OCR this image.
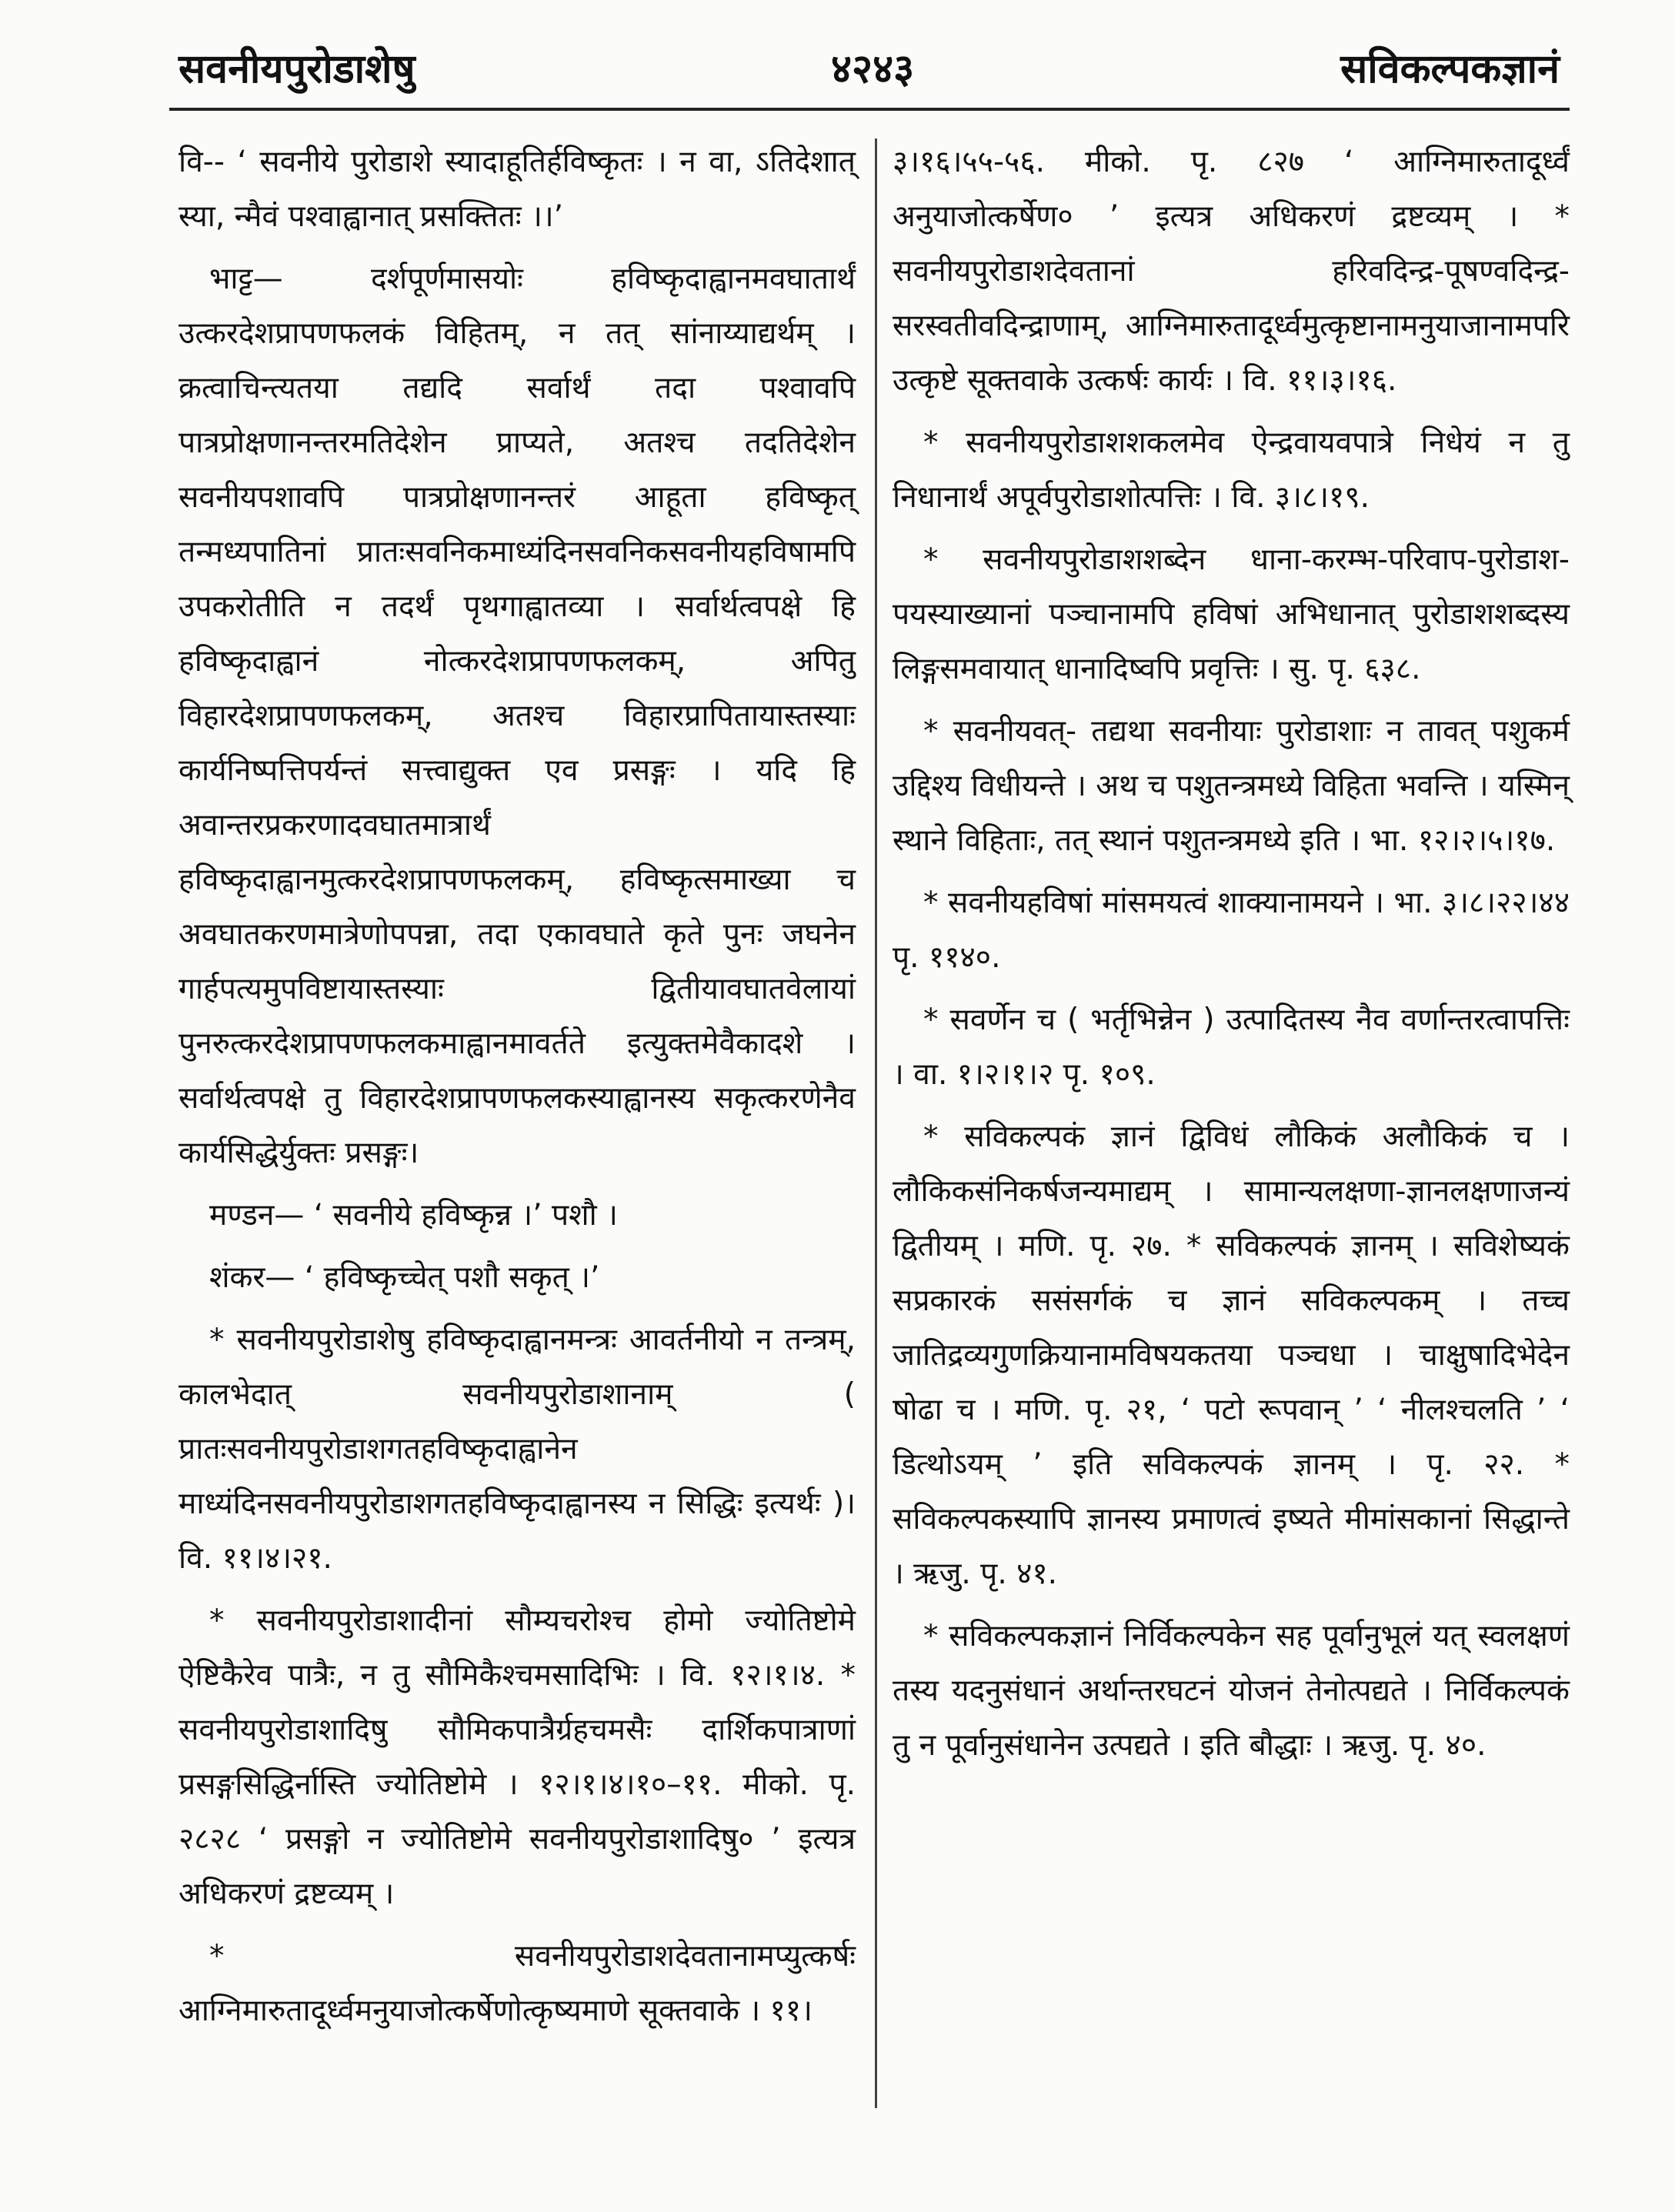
सवनीयपुरोडाशेषु	४२४३	सविकल्पकज्ञानं

वि-- ‘ सवनीये पुरोडाशे स्यादाहूतिर्हविष्कृतः । न वा, ऽतिदेशात् स्या, न्मैवं पश्वाह्वानात् प्रसक्तितः ।।’

भाट्ट— दर्शपूर्णमासयोः हविष्कृदाह्वानमवघातार्थं उत्करदेशप्रापणफलकं विहितम्, न तत् सांनाय्याद्यर्थम् । क्रत्वाचिन्त्यतया तद्यदि सर्वार्थं तदा पश्वावपि पात्रप्रोक्षणानन्तरमतिदेशेन प्राप्यते, अतश्च तदतिदेशेन सवनीयपशावपि पात्रप्रोक्षणानन्तरं आहूता हविष्कृत् तन्मध्यपातिनां प्रातःसवनिकमाध्यंदिनसवनिकसवनीयहविषामपि उपकरोतीति न तदर्थं पृथगाह्वातव्या । सर्वार्थत्वपक्षे हि हविष्कृदाह्वानं नोत्करदेशप्रापणफलकम्, अपितु विहारदेशप्रापणफलकम्, अतश्च विहारप्रापितायास्तस्याः कार्यनिष्पत्तिपर्यन्तं सत्त्वाद्युक्त एव प्रसङ्गः । यदि हि अवान्तरप्रकरणादवघातमात्रार्थं हविष्कृदाह्वानमुत्करदेशप्रापणफलकम्, हविष्कृत्समाख्या च अवघातकरणमात्रेणोपपन्ना, तदा एकावघाते कृते पुनः जघनेन गार्हपत्यमुपविष्टायास्तस्याः द्वितीयावघातवेलायां पुनरुत्करदेशप्रापणफलकमाह्वानमावर्तते इत्युक्तमेवैकादशे । सर्वार्थत्वपक्षे तु विहारदेशप्रापणफलकस्याह्वानस्य सकृत्करणेनैव कार्यसिद्धेर्युक्तः प्रसङ्गः।

मण्डन— ‘ सवनीये हविष्कृन्न ।’ पशौ ।

शंकर— ‘ हविष्कृच्चेत् पशौ सकृत् ।’

* सवनीयपुरोडाशेषु हविष्कृदाह्वानमन्त्रः आवर्तनीयो न तन्त्रम्, कालभेदात् सवनीयपुरोडाशानाम् ( प्रातःसवनीयपुरोडाशगतहविष्कृदाह्वानेन माध्यंदिनसवनीयपुरोडाशगतहविष्कृदाह्वानस्य न सिद्धिः इत्यर्थः )। वि. ११।४।२१.

* सवनीयपुरोडाशादीनां सौम्यचरोश्च होमो ज्योतिष्टोमे ऐष्टिकैरेव पात्रैः, न तु सौमिकैश्चमसादिभिः । वि. १२।१।४. * सवनीयपुरोडाशादिषु सौमिकपात्रैर्ग्रहचमसैः दार्शिकपात्राणां प्रसङ्गसिद्धिर्नास्ति ज्योतिष्टोमे । १२।१।४।१०–११. मीको. पृ. २८२८ ‘ प्रसङ्गो न ज्योतिष्टोमे सवनीयपुरोडाशादिषु० ’ इत्यत्र अधिकरणं द्रष्टव्यम् ।

* सवनीयपुरोडाशदेवतानामप्युत्कर्षः आग्निमारुतादूर्ध्वमनुयाजोत्कर्षेणोत्कृष्यमाणे सूक्तवाके । ११।

३।१६।५५-५६. मीको. पृ. ८२७ ‘ आग्निमारुतादूर्ध्वं अनुयाजोत्कर्षेण० ’ इत्यत्र अधिकरणं द्रष्टव्यम् । * सवनीयपुरोडाशदेवतानां हरिवदिन्द्र-पूषण्वदिन्द्र-सरस्वतीवदिन्द्राणाम्, आग्निमारुतादूर्ध्वमुत्कृष्टानामनुयाजानामपरि उत्कृष्टे सूक्तवाके उत्कर्षः कार्यः । वि. ११।३।१६.

* सवनीयपुरोडाशशकलमेव ऐन्द्रवायवपात्रे निधेयं न तु निधानार्थं अपूर्वपुरोडाशोत्पत्तिः । वि. ३।८।१९.

* सवनीयपुरोडाशशब्देन धाना-करम्भ-परिवाप-पुरोडाश-पयस्याख्यानां पञ्चानामपि हविषां अभिधानात् पुरोडाशशब्दस्य लिङ्गसमवायात् धानादिष्वपि प्रवृत्तिः । सु. पृ. ६३८.

* सवनीयवत्- तद्यथा सवनीयाः पुरोडाशाः न तावत् पशुकर्म उद्दिश्य विधीयन्ते । अथ च पशुतन्त्रमध्ये विहिता भवन्ति । यस्मिन् स्थाने विहिताः, तत् स्थानं पशुतन्त्रमध्ये इति । भा. १२।२।५।१७.

* सवनीयहविषां मांसमयत्वं शाक्यानामयने । भा. ३।८।२२।४४ पृ. ११४०.

* सवर्णेन च ( भर्तृभिन्नेन ) उत्पादितस्य नैव वर्णान्तरत्वापत्तिः । वा. १।२।१।२ पृ. १०९.

* सविकल्पकं ज्ञानं द्विविधं लौकिकं अलौकिकं च । लौकिकसंनिकर्षजन्यमाद्यम् । सामान्यलक्षणा-ज्ञानलक्षणाजन्यं द्वितीयम् । मणि. पृ. २७. * सविकल्पकं ज्ञानम् । सविशेष्यकं सप्रकारकं ससंसर्गकं च ज्ञानं सविकल्पकम् । तच्च जातिद्रव्यगुणक्रियानामविषयकतया पञ्चधा । चाक्षुषादिभेदेन षोढा च । मणि. पृ. २१, ‘ पटो रूपवान् ’ ‘ नीलश्चलति ’ ‘ डित्थोऽयम् ’ इति सविकल्पकं ज्ञानम् । पृ. २२. * सविकल्पकस्यापि ज्ञानस्य प्रमाणत्वं इष्यते मीमांसकानां सिद्धान्ते । ऋजु. पृ. ४१.

* सविकल्पकज्ञानं निर्विकल्पकेन सह पूर्वानुभूलं यत् स्वलक्षणं तस्य यदनुसंधानं अर्थान्तरघटनं योजनं तेनोत्पद्यते । निर्विकल्पकं तु न पूर्वानुसंधानेन उत्पद्यते । इति बौद्धाः । ऋजु. पृ. ४०.
